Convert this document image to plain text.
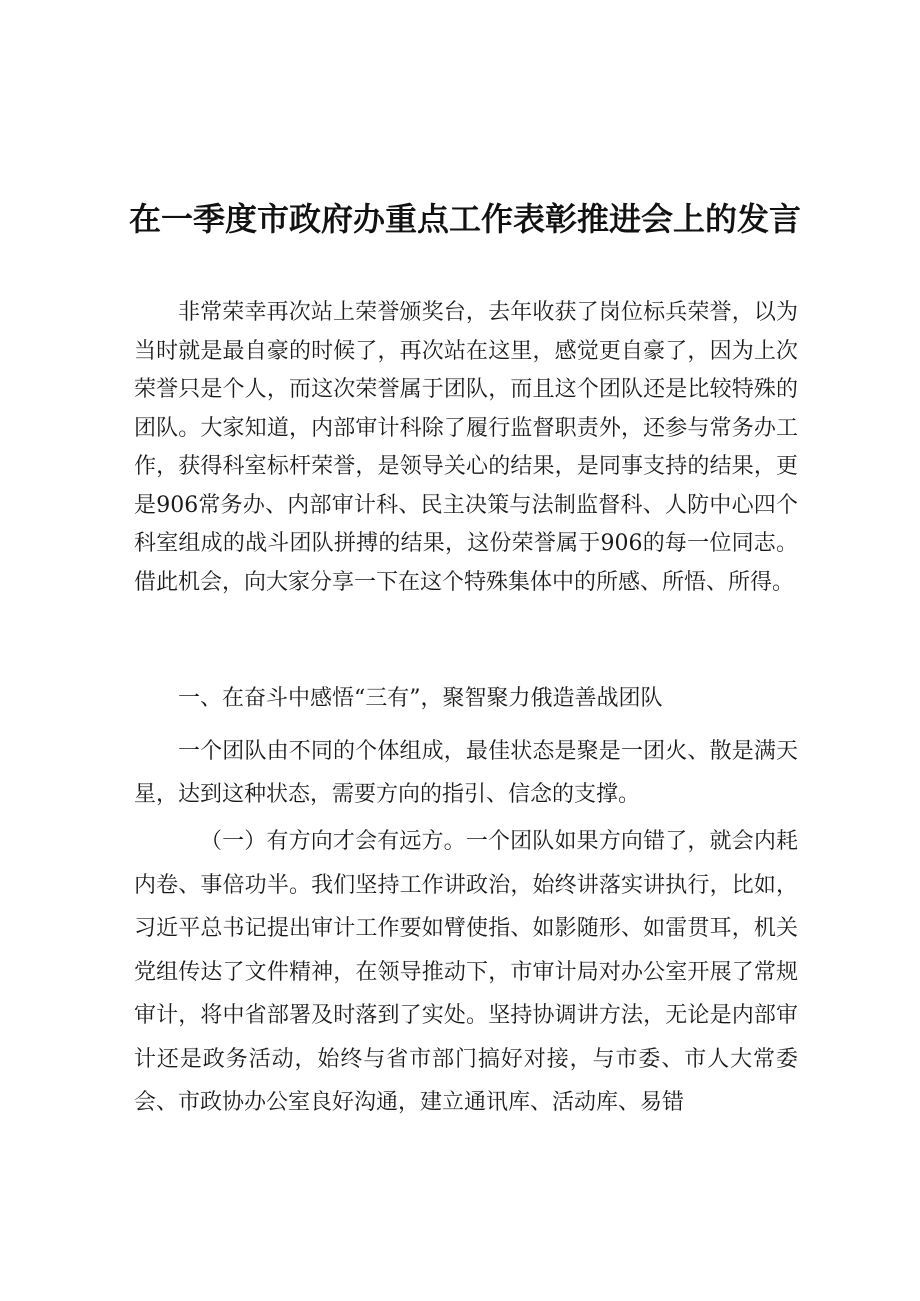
在一季度市政府办重点工作表彰推进会上的发言

非常荣幸再次站上荣誉颁奖台，去年收获了岗位标兵荣誉，以为当时就是最自豪的时候了，再次站在这里，感觉更自豪了，因为上次荣誉只是个人，而这次荣誉属于团队，而且这个团队还是比较特殊的团队。大家知道，内部审计科除了履行监督职责外，还参与常务办工作，获得科室标杆荣誉，是领导关心的结果，是同事支持的结果，更是906常务办、内部审计科、民主决策与法制监督科、人防中心四个科室组成的战斗团队拼搏的结果，这份荣誉属于906的每一位同志。借此机会，向大家分享一下在这个特殊集体中的所感、所悟、所得。

一、在奋斗中感悟“三有”，聚智聚力俄造善战团队

一个团队由不同的个体组成，最佳状态是聚是一团火、散是满天星，达到这种状态，需要方向的指引、信念的支撑。

（一）有方向才会有远方。一个团队如果方向错了，就会内耗内卷、事倍功半。我们坚持工作讲政治，始终讲落实讲执行，比如，习近平总书记提出审计工作要如臂使指、如影随形、如雷贯耳，机关党组传达了文件精神，在领导推动下，市审计局对办公室开展了常规审计，将中省部署及时落到了实处。坚持协调讲方法，无论是内部审计还是政务活动，始终与省市部门搞好对接，与市委、市人大常委会、市政协办公室良好沟通，建立通讯库、活动库、易错
